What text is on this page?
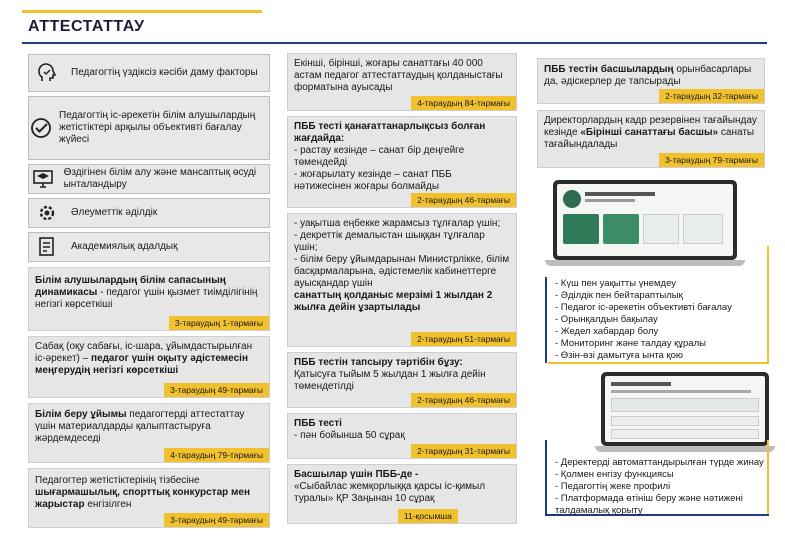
АТТЕСТАТТАУ
Педагогтің үздіксіз кәсіби даму факторы
Педагогтің іс-әрекетін білім алушылардың жетістіктері арқылы объективті бағалау жүйесі
Өздігінен білім алу және мансаптық өсуді ынталандыру
Әлеуметтік әділдік
Академиялық адалдық
Білім алушылардың білім сапасының динамикасы - педагог үшін қызмет тиімділігінің негізгі көрсеткіші
3-тараудың 1-тармағы
Сабақ (оқу сабағы, іс-шара, ұйымдастырылған іс-әрекет) – педагог үшін оқыту әдістемесін меңгерудің негізгі көрсеткіші
3-тараудың 49-тармағы
Білім беру ұйымы педагогтерді аттестаттау үшін материалдарды қалыптастыруға жәрдемдеседі
4-тараудың 79-тармағы
Педагогтер жетістіктерінің тізбесіне шығармашылық, спорттық конкурстар мен жарыстар енгізілген
3-тараудың 49-тармағы
Екінші, бірінші, жоғары санаттағы 40 000 астам педагог аттестаттаудың қолданыстағы форматына ауысады
4-тараудың 84-тармағы
ПББ тесті қанағаттанарлықсыз болған жағдайда:
- растау кезінде – санат бір деңгейге төмендейді
- жоғарылату кезінде – санат ПББ нәтижесінен жоғары болмайды
2-тараудың 46-тармағы
- уақытша еңбекке жарамсыз тұлғалар үшін;
- декреттік демалыстан шыққан тұлғалар үшін;
- білім беру ұйымдарынан Министрлікке, білім басқармаларына, әдістемелік кабинеттерге ауысқандар үшін
санаттың қолданыс мерзімі 1 жылдан 2 жылға дейін ұзартылады
2-тараудың 51-тармағы
ПББ тестін тапсыру тәртібін бұзу:
Қатысуға тыйым 5 жылдан 1 жылға дейін төмендетілді
2-тараудың 46-тармағы
ПББ тесті
- пән бойынша 50 сұрақ
2-тараудың 31-тармағы
Басшылар үшін ПББ-де -
«Сыбайлас жемқорлыққа қарсы іс-қимыл туралы» ҚР Заңынан 10 сұрақ
11-қосымша
ПББ тестін басшылардың орынбасарлары да, әдіскерлер де тапсырады
2-тараудың 32-тармағы
Директорлардың кадр резервінен тағайындау кезінде «Бірінші санаттағы басшы» санаты тағайындалады
3-тараудың 79-тармағы
- Күш пен уақытты үнемдеу
- Әділдік пен бейтараптылық
- Педагог іс-әрекетін объективті бағалау
- Орынқалдын бақылау
- Жедел хабардар болу
- Мониторинг және талдау құралы
- Өзін-өзі дамытуға ынта қою
- Деректерді автоматтандырылған түрде жинау
- Қолмен енгізу функциясы
- Педагогтің жеке профилі
- Платформада өтініш беру және нәтижені талдамалық қорыту
